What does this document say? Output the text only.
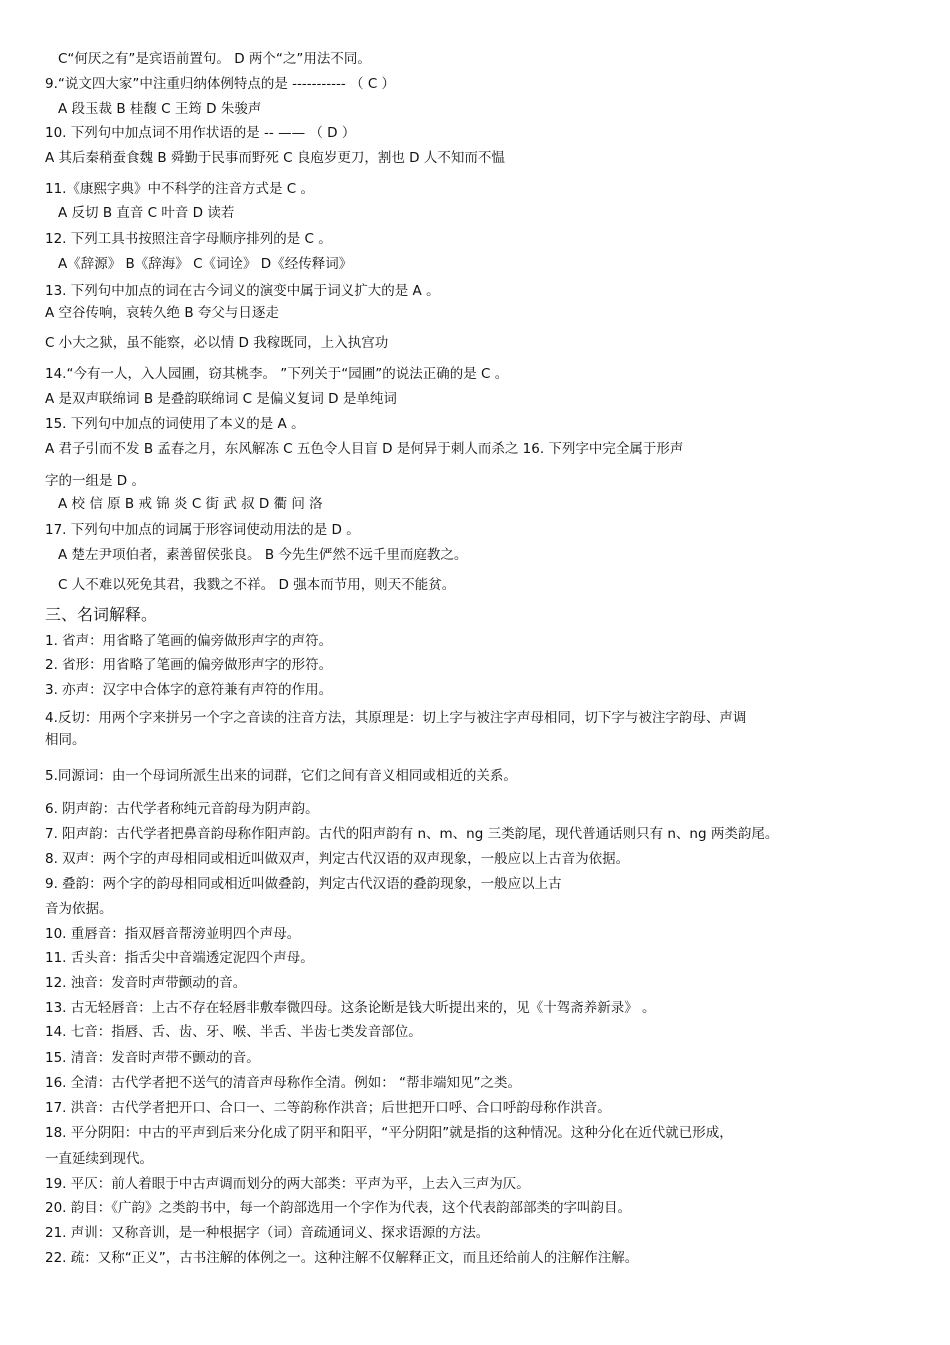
C“何厌之有”是宾语前置句。 D 两个“之”用法不同。
9.“说文四大家”中注重归纳体例特点的是 ----------- （ C ）
A 段玉裁 B 桂馥 C 王筠 D 朱骏声
10. 下列句中加点词不用作状语的是 -- —— （ D ）
A 其后秦稍蚕食魏 B 舜勤于民事而野死 C 良庖岁更刀，割也 D 人不知而不愠
11.《康熙字典》中不科学的注音方式是 C 。
A 反切 B 直音 C 叶音 D 读若
12. 下列工具书按照注音字母顺序排列的是 C 。
A《辞源》 B《辞海》 C《词诠》 D《经传释词》
13. 下列句中加点的词在古今词义的演变中属于词义扩大的是 A 。
A 空谷传响，哀转久绝 B 夸父与日逐走
C 小大之狱，虽不能察，必以情 D 我稼既同，上入执宫功
14.“今有一人，入人园圃，窃其桃李。 ”下列关于“园圃”的说法正确的是 C 。
A 是双声联绵词 B 是叠韵联绵词 C 是偏义复词 D 是单纯词
15. 下列句中加点的词使用了本义的是 A 。
A 君子引而不发 B 孟春之月，东风解冻 C 五色令人目盲 D 是何异于刺人而杀之 16. 下列字中完全属于形声
字的一组是 D 。
A 校 信 原 B 戒 锦 炎 C 街 武 叔 D 衢 问 洛
17. 下列句中加点的词属于形容词使动用法的是 D 。
A 楚左尹项伯者，素善留侯张良。 B 今先生俨然不远千里而庭教之。
C 人不难以死免其君，我戮之不祥。 D 强本而节用，则天不能贫。
三、名词解释。
1. 省声：用省略了笔画的偏旁做形声字的声符。
2. 省形：用省略了笔画的偏旁做形声字的形符。
3. 亦声：汉字中合体字的意符兼有声符的作用。
4.反切：用两个字来拼另一个字之音读的注音方法，其原理是：切上字与被注字声母相同，切下字与被注字韵母、声调
相同。
5.同源词：由一个母词所派生出来的词群，它们之间有音义相同或相近的关系。
6. 阴声韵：古代学者称纯元音韵母为阴声韵。
7. 阳声韵：古代学者把鼻音韵母称作阳声韵。古代的阳声韵有 n、m、ng 三类韵尾，现代普通话则只有 n、ng 两类韵尾。
8. 双声：两个字的声母相同或相近叫做双声，判定古代汉语的双声现象，一般应以上古音为依据。
9. 叠韵：两个字的韵母相同或相近叫做叠韵，判定古代汉语的叠韵现象，一般应以上古
音为依据。
10. 重唇音：指双唇音帮滂並明四个声母。
11. 舌头音：指舌尖中音端透定泥四个声母。
12. 浊音：发音时声带颤动的音。
13. 古无轻唇音：上古不存在轻唇非敷奉微四母。这条论断是钱大昕提出来的，见《十驾斋养新录》 。
14. 七音：指唇、舌、齿、牙、喉、半舌、半齿七类发音部位。
15. 清音：发音时声带不颤动的音。
16. 全清：古代学者把不送气的清音声母称作全清。例如： “帮非端知见”之类。
17. 洪音：古代学者把开口、合口一、二等韵称作洪音；后世把开口呼、合口呼韵母称作洪音。
18. 平分阴阳：中古的平声到后来分化成了阴平和阳平，“平分阴阳”就是指的这种情况。这种分化在近代就已形成，
一直延续到现代。
19. 平仄：前人着眼于中古声调而划分的两大部类：平声为平，上去入三声为仄。
20. 韵目：《广韵》之类韵书中，每一个韵部选用一个字作为代表，这个代表韵部部类的字叫韵目。
21. 声训：又称音训，是一种根据字（词）音疏通词义、探求语源的方法。
22. 疏：又称“正义”，古书注解的体例之一。这种注解不仅解释正文，而且还给前人的注解作注解。
